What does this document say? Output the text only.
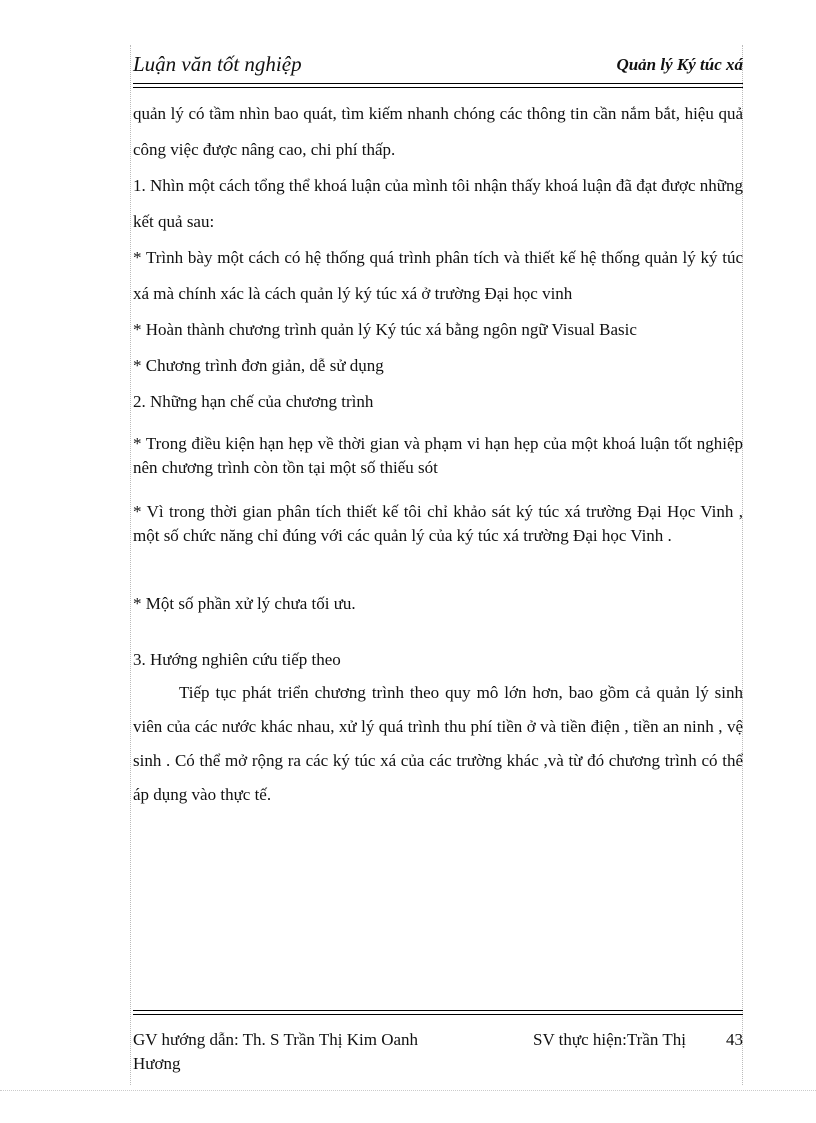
Luận văn tốt nghiệp	Quản lý Ký túc xá

quản lý có tầm nhìn bao quát, tìm kiếm nhanh chóng các thông tin cần nắm bắt, hiệu quả công việc được nâng cao, chi phí thấp.

1. Nhìn một cách tổng thể khoá luận của mình tôi nhận thấy khoá luận đã đạt được những kết quả sau:

* Trình bày một cách có hệ thống quá trình phân tích và thiết kế hệ thống quản lý ký túc xá mà chính xác là cách quản lý ký túc xá ở trường Đại học vinh

* Hoàn thành chương trình quản lý Ký túc xá bằng ngôn ngữ Visual Basic

* Chương trình đơn giản, dễ sử dụng

2. Những hạn chế của chương trình

* Trong điều kiện hạn hẹp về thời gian và phạm vi hạn hẹp của một khoá luận tốt nghiệp nên chương trình còn tồn tại một số thiếu sót

* Vì trong thời gian phân tích thiết kế tôi chỉ khảo sát ký túc xá trường Đại Học Vinh , một số chức năng chỉ đúng với các quản lý của ký túc xá trường Đại học Vinh .

* Một số phần xử lý chưa tối ưu.

3. Hướng nghiên cứu tiếp theo

Tiếp tục phát triển chương trình theo quy mô lớn hơn, bao gồm cả quản lý sinh viên của các nước khác nhau, xử lý quá trình thu phí tiền ở và tiền điện , tiền an ninh , vệ sinh . Có thể mở rộng ra các ký túc xá của các trường khác ,và từ đó chương trình có thể áp dụng vào thực tế.

GV hướng dẫn: Th. S Trần Thị Kim Oanh
Hương
SV thực hiện:Trần Thị 43
